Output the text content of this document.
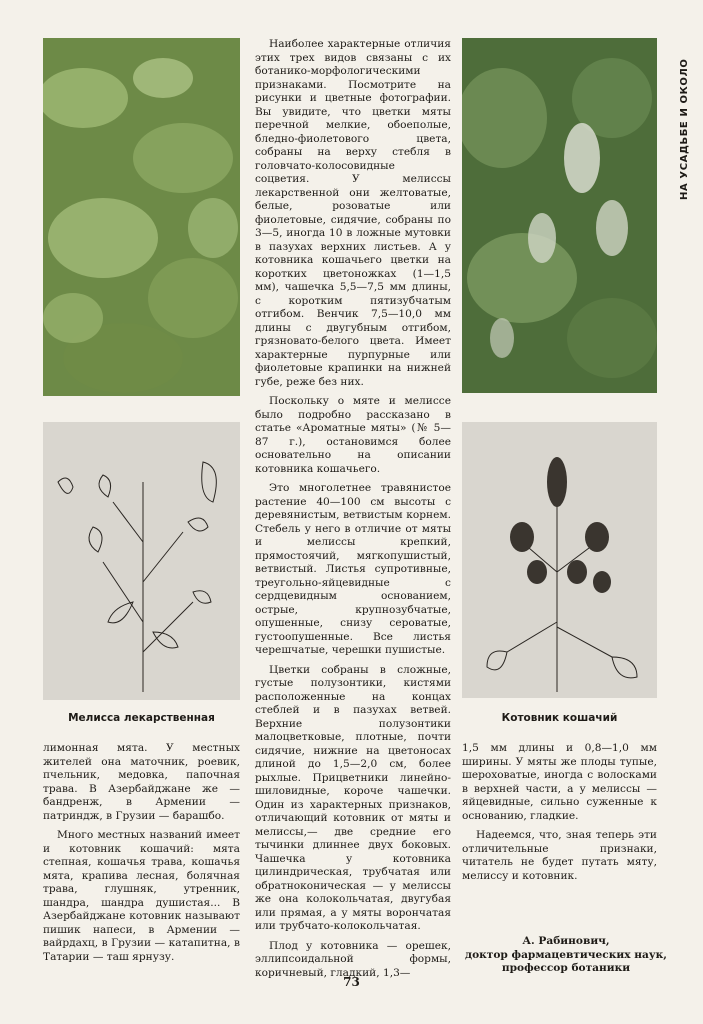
Мелисса лекарственная	Котовник кошачий
НА УСАДЬБЕ И ОКОЛО

Наиболее характерные отличия этих трех видов связаны с их ботанико-морфологическими признаками. Посмотрите на рисунки и цветные фотографии. Вы увидите, что цветки мяты перечной мелкие, обоеполые, бледно-фиолетового цвета, собраны на верху стебля в головчато-колосовидные соцветия. У мелиссы лекарственной они желтоватые, белые, розоватые или фиолетовые, сидячие, собраны по 3—5, иногда 10 в ложные мутовки в пазухах верхних листьев. А у котовника кошачьего цветки на коротких цветоножках (1—1,5 мм), чашечка 5,5—7,5 мм длины, с коротким пятизубчатым отгибом. Венчик 7,5—10,0 мм длины с двугубным отгибом, грязновато-белого цвета. Имеет характерные пурпурные или фиолетовые крапинки на нижней губе, реже без них.

Поскольку о мяте и мелиссе было подробно рассказано в статье «Ароматные мяты» (№ 5—87 г.), остановимся более основательно на описании котовника кошачьего.

Это многолетнее травянистое растение 40—100 см высоты с деревянистым, ветвистым корнем. Стебель у него в отличие от мяты и мелиссы крепкий, прямостоячий, мягкопушистый, ветвистый. Листья супротивные, треугольно-яйцевидные с сердцевидным основанием, острые, крупнозубчатые, опушенные, снизу сероватые, густоопушенные. Все листья черешчатые, черешки пушистые.

Цветки собраны в сложные, густые полузонтики, кистями расположенные на концах стеблей и в пазухах ветвей. Верхние полузонтики малоцветковые, плотные, почти сидячие, нижние на цветоносах длиной до 1,5—2,0 см, более рыхлые. Прицветники линейно-шиловидные, короче чашечки. Один из характерных признаков, отличающий котовник от мяты и мелиссы,— две средние его тычинки длиннее двух боковых. Чашечка у котовника цилиндрическая, трубчатая или обратноконическая — у мелиссы же она колокольчатая, двугубая или прямая, а у мяты ворончатая или трубчато-колокольчатая.

Плод у котовника — орешек, эллипсоидальной формы, коричневый, гладкий, 1,3—

лимонная мята. У местных жителей она маточник, роевик, пчельник, медовка, папочная трава. В Азербайджане же — бандренж, в Армении — патриндж, в Грузии — барашбо.

Много местных названий имеет и котовник кошачий: мята степная, кошачья трава, кошачья мята, крапива лесная, болячная трава, глушняк, утренник, шандра, шандра душистая... В Азербайджане котовник называют пишик напеси, в Армении — вайрдахц, в Грузии — катапитна, в Татарии — таш ярнузу.

1,5 мм длины и 0,8—1,0 мм ширины. У мяты же плоды тупые, шероховатые, иногда с волосками в верхней части, а у мелиссы — яйцевидные, сильно суженные к основанию, гладкие.

Надеемся, что, зная теперь эти отличительные признаки, читатель не будет путать мяту, мелиссу и котовник.

А. Рабинович,
доктор фармацевтических наук, профессор ботаники
73
